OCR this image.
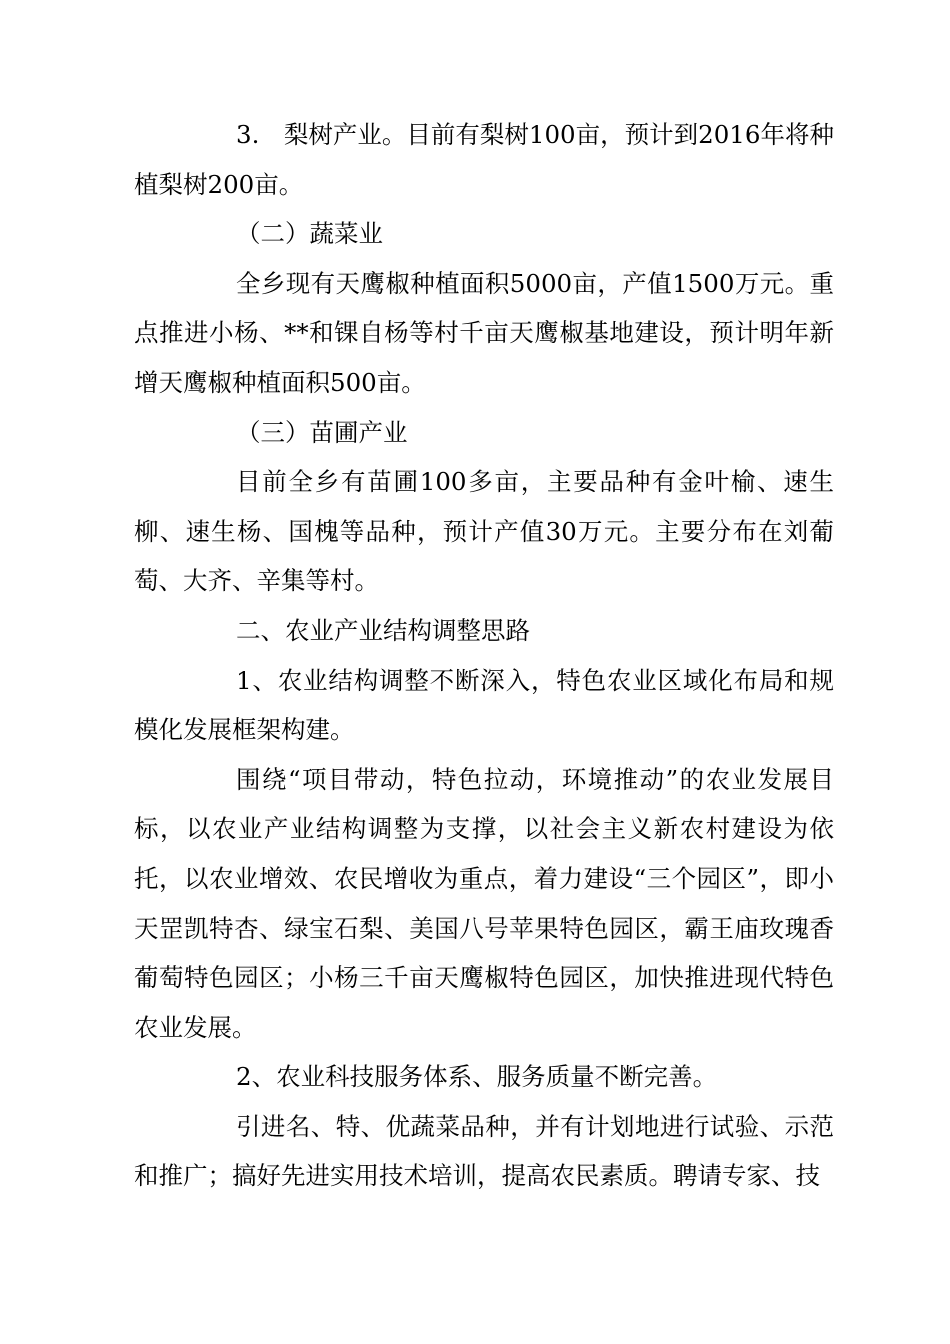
3.　梨树产业。目前有梨树100亩，预计到2016年将种植梨树200亩。

（二）蔬菜业

全乡现有天鹰椒种植面积5000亩，产值1500万元。重点推进小杨、**和锞自杨等村千亩天鹰椒基地建设，预计明年新增天鹰椒种植面积500亩。

（三）苗圃产业

目前全乡有苗圃100多亩，主要品种有金叶榆、速生柳、速生杨、国槐等品种，预计产值30万元。主要分布在刘葡萄、大齐、辛集等村。

二、农业产业结构调整思路

1、农业结构调整不断深入，特色农业区域化布局和规模化发展框架构建。

围绕“项目带动，特色拉动，环境推动”的农业发展目标，以农业产业结构调整为支撑，以社会主义新农村建设为依托，以农业增效、农民增收为重点，着力建设“三个园区”，即小天罡凯特杏、绿宝石梨、美国八号苹果特色园区，霸王庙玫瑰香葡萄特色园区；小杨三千亩天鹰椒特色园区，加快推进现代特色农业发展。

2、农业科技服务体系、服务质量不断完善。

引进名、特、优蔬菜品种，并有计划地进行试验、示范和推广；搞好先进实用技术培训，提高农民素质。聘请专家、技
